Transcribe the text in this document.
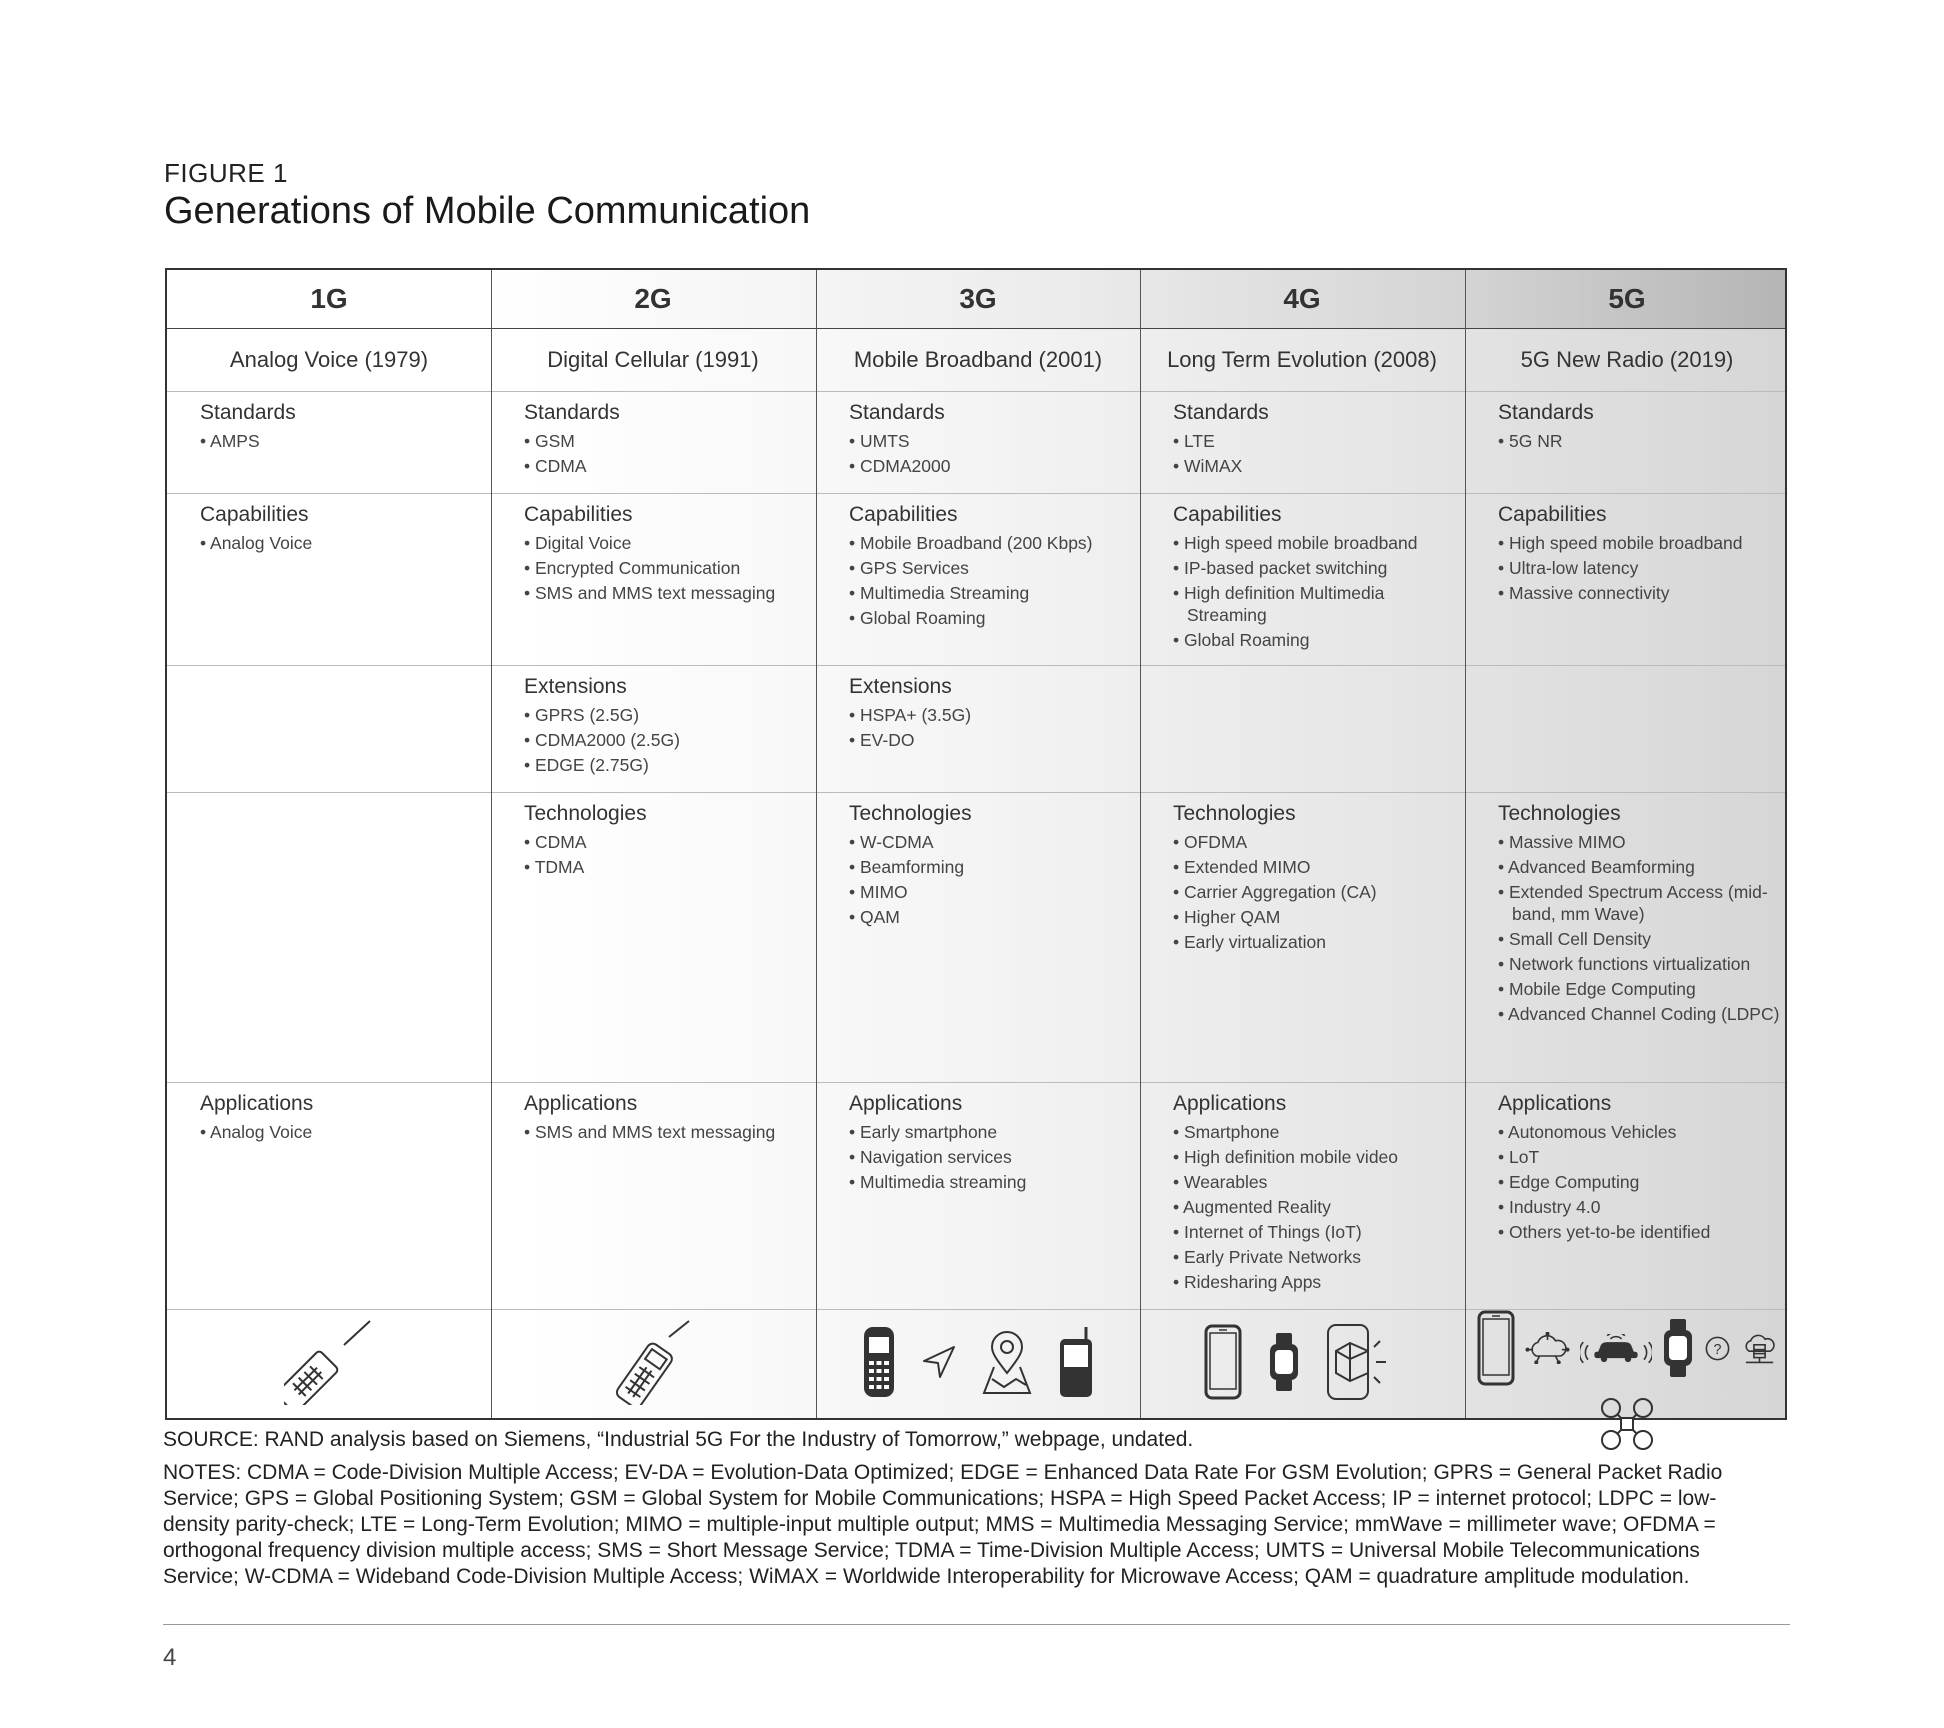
FIGURE 1
Generations of Mobile Communication
1G
Analog Voice (1979)
Standards
• AMPS
Capabilities
• Analog Voice
Applications
• Analog Voice
2G
Digital Cellular (1991)
Standards
• GSM
• CDMA
Capabilities
• Digital Voice
• Encrypted Communication
• SMS and MMS text messaging
Extensions
• GPRS (2.5G)
• CDMA2000 (2.5G)
• EDGE (2.75G)
Technologies
• CDMA
• TDMA
Applications
• SMS and MMS text messaging
3G
Mobile Broadband (2001)
Standards
• UMTS
• CDMA2000
Capabilities
• Mobile Broadband (200 Kbps)
• GPS Services
• Multimedia Streaming
• Global Roaming
Extensions
• HSPA+ (3.5G)
• EV-DO
Technologies
• W-CDMA
• Beamforming
• MIMO
• QAM
Applications
• Early smartphone
• Navigation services
• Multimedia streaming
4G
Long Term Evolution (2008)
Standards
• LTE
• WiMAX
Capabilities
• High speed mobile broadband
• IP-based packet switching
• High definition Multimedia Streaming
• Global Roaming
Technologies
• OFDMA
• Extended MIMO
• Carrier Aggregation (CA)
• Higher QAM
• Early virtualization
Applications
• Smartphone
• High definition mobile video
• Wearables
• Augmented Reality
• Internet of Things (IoT)
• Early Private Networks
• Ridesharing Apps
5G
5G New Radio (2019)
Standards
• 5G NR
Capabilities
• High speed mobile broadband
• Ultra-low latency
• Massive connectivity
Technologies
• Massive MIMO
• Advanced Beamforming
• Extended Spectrum Access (mid-band, mm Wave)
• Small Cell Density
• Network functions virtualization
• Mobile Edge Computing
• Advanced Channel Coding (LDPC)
Applications
• Autonomous Vehicles
• LoT
• Edge Computing
• Industry 4.0
• Others yet-to-be identified
?
SOURCE: RAND analysis based on Siemens, “Industrial 5G For the Industry of Tomorrow,” webpage, undated.
NOTES: CDMA = Code-Division Multiple Access; EV-DA = Evolution-Data Optimized; EDGE = Enhanced Data Rate For GSM Evolution; GPRS = General Packet Radio Service; GPS = Global Positioning System; GSM = Global System for Mobile Communications; HSPA = High Speed Packet Access; IP = internet protocol; LDPC = low-density parity-check; LTE = Long-Term Evolution; MIMO = multiple-input multiple output; MMS = Multimedia Messaging Service; mmWave = millimeter wave; OFDMA = orthogonal frequency division multiple access; SMS = Short Message Service; TDMA = Time-Division Multiple Access; UMTS = Universal Mobile Telecommunications Service; W-CDMA = Wideband Code-Division Multiple Access; WiMAX = Worldwide Interoperability for Microwave Access; QAM = quadrature amplitude modulation.
4
